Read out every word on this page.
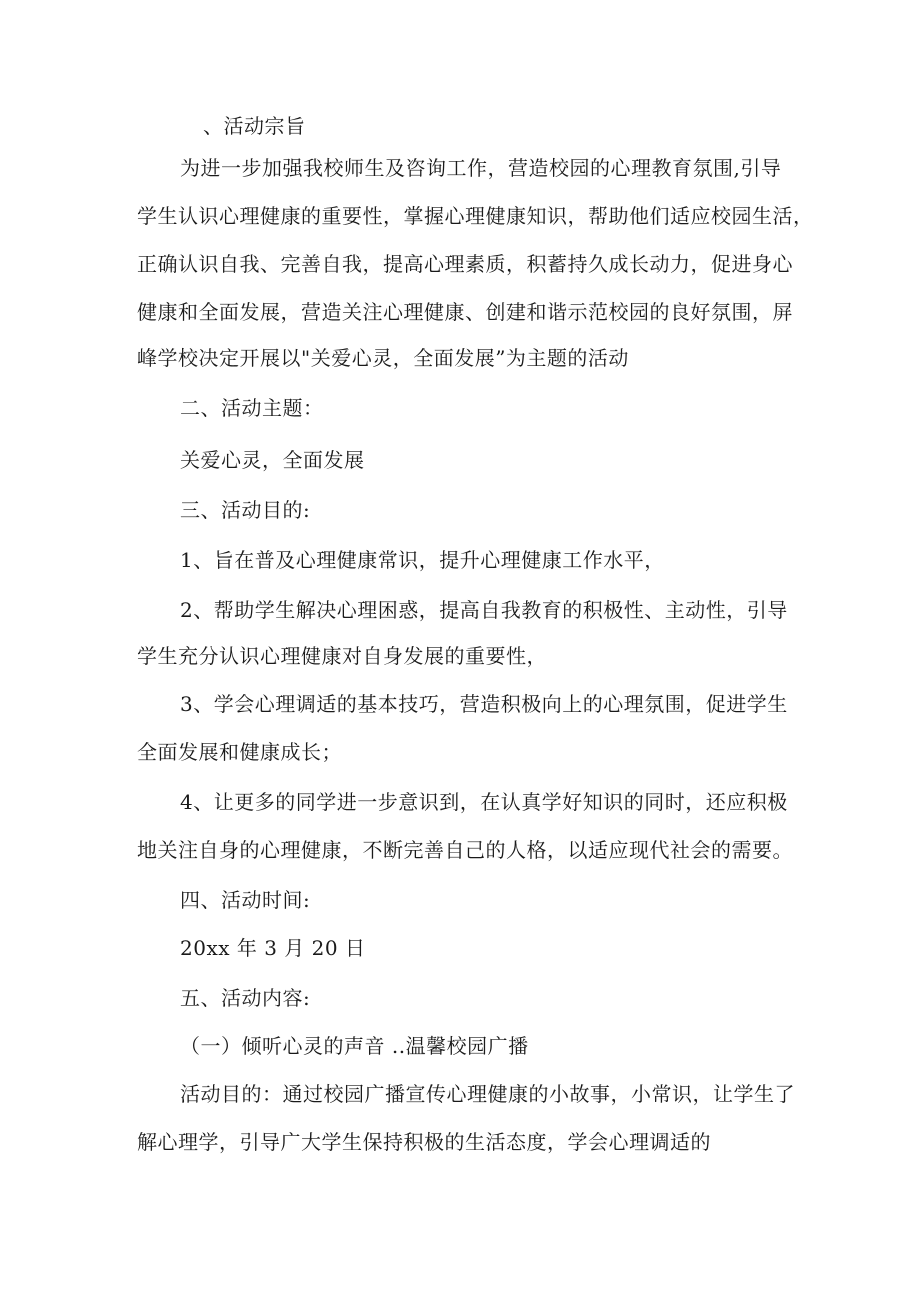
、活动宗旨
为进一步加强我校师生及咨询工作，营造校园的心理教育氛围,引导
学生认识心理健康的重要性，掌握心理健康知识，帮助他们适应校园生活，
正确认识自我、完善自我，提高心理素质，积蓄持久成长动力，促进身心
健康和全面发展，营造关注心理健康、创建和谐示范校园的良好氛围，屏
峰学校决定开展以"关爱心灵，全面发展”为主题的活动
二、活动主题：
关爱心灵，全面发展
三、活动目的:
1、旨在普及心理健康常识，提升心理健康工作水平，
2、帮助学生解决心理困惑，提高自我教育的积极性、主动性，引导
学生充分认识心理健康对自身发展的重要性，
3、学会心理调适的基本技巧，营造积极向上的心理氛围，促进学生
全面发展和健康成长；
4、让更多的同学进一步意识到，在认真学好知识的同时，还应积极
地关注自身的心理健康，不断完善自己的人格，以适应现代社会的需要。
四、活动时间:
20xx 年 3 月 20 日
五、活动内容:
（一）倾听心灵的声音 ..温馨校园广播
活动目的：通过校园广播宣传心理健康的小故事，小常识，让学生了
解心理学，引导广大学生保持积极的生活态度，学会心理调适的
